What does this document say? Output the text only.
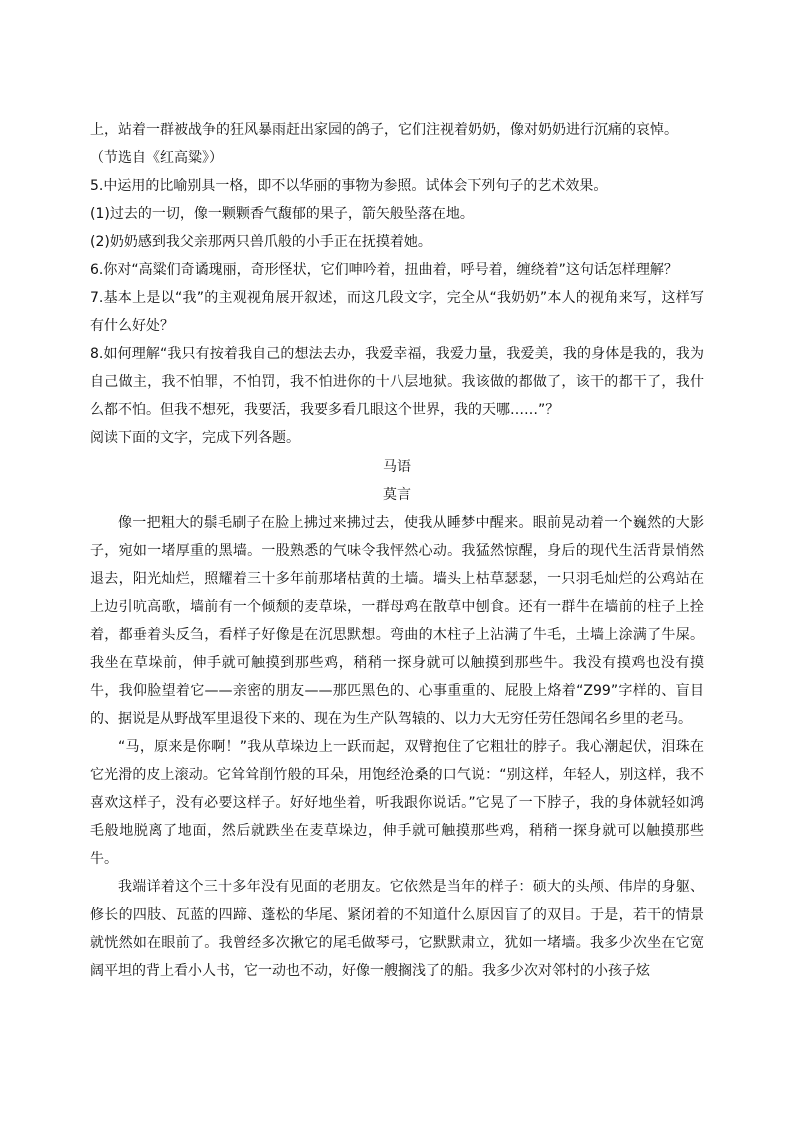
上，站着一群被战争的狂风暴雨赶出家园的鸽子，它们注视着奶奶，像对奶奶进行沉痛的哀悼。

（节选自《红高粱》）

5.中运用的比喻别具一格，即不以华丽的事物为参照。试体会下列句子的艺术效果。

(1)过去的一切，像一颗颗香气馥郁的果子，箭矢般坠落在地。

(2)奶奶感到我父亲那两只兽爪般的小手正在抚摸着她。

6.你对“高粱们奇谲瑰丽，奇形怪状，它们呻吟着，扭曲着，呼号着，缠绕着”这句话怎样理解？

7.基本上是以“我”的主观视角展开叙述，而这几段文字，完全从“我奶奶”本人的视角来写，这样写有什么好处？

8.如何理解“我只有按着我自己的想法去办，我爱幸福，我爱力量，我爱美，我的身体是我的，我为自己做主，我不怕罪，不怕罚，我不怕进你的十八层地狱。我该做的都做了，该干的都干了，我什么都不怕。但我不想死，我要活，我要多看几眼这个世界，我的天哪……”？

阅读下面的文字，完成下列各题。

马语

莫言

像一把粗大的鬃毛刷子在脸上拂过来拂过去，使我从睡梦中醒来。眼前晃动着一个巍然的大影子，宛如一堵厚重的黑墙。一股熟悉的气味令我怦然心动。我猛然惊醒，身后的现代生活背景悄然退去，阳光灿烂，照耀着三十多年前那堵枯黄的土墙。墙头上枯草瑟瑟，一只羽毛灿烂的公鸡站在上边引吭高歌，墙前有一个倾颓的麦草垛，一群母鸡在散草中刨食。还有一群牛在墙前的柱子上拴着，都垂着头反刍，看样子好像是在沉思默想。弯曲的木柱子上沾满了牛毛，土墙上涂满了牛屎。我坐在草垛前，伸手就可触摸到那些鸡，稍稍一探身就可以触摸到那些牛。我没有摸鸡也没有摸牛，我仰脸望着它——亲密的朋友——那匹黑色的、心事重重的、屁股上烙着“Z99”字样的、盲目的、据说是从野战军里退役下来的、现在为生产队驾辕的、以力大无穷任劳任怨闻名乡里的老马。

“马，原来是你啊！”我从草垛边上一跃而起，双臂抱住了它粗壮的脖子。我心潮起伏，泪珠在它光滑的皮上滚动。它耸耸削竹般的耳朵，用饱经沧桑的口气说：“别这样，年轻人，别这样，我不喜欢这样子，没有必要这样子。好好地坐着，听我跟你说话。”它晃了一下脖子，我的身体就轻如鸿毛般地脱离了地面，然后就跌坐在麦草垛边，伸手就可触摸那些鸡，稍稍一探身就可以触摸那些牛。

我端详着这个三十多年没有见面的老朋友。它依然是当年的样子：硕大的头颅、伟岸的身躯、修长的四肢、瓦蓝的四蹄、蓬松的华尾、紧闭着的不知道什么原因盲了的双目。于是，若干的情景就恍然如在眼前了。我曾经多次揪它的尾毛做琴弓，它默默肃立，犹如一堵墙。我多少次坐在它宽阔平坦的背上看小人书，它一动也不动，好像一艘搁浅了的船。我多少次对邻村的小孩子炫
